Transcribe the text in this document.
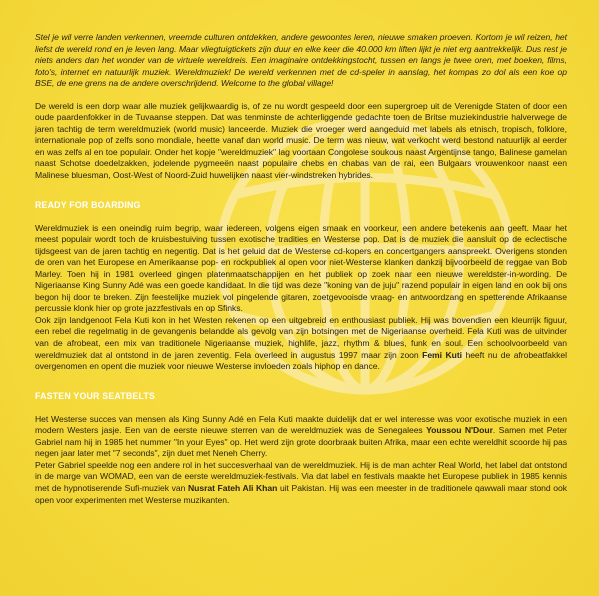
Stel je wil verre landen verkennen, vreemde culturen ontdekken, andere gewoontes leren, nieuwe smaken proeven. Kortom je wil reizen, het liefst de wereld rond en je leven lang. Maar vliegtuigtickets zijn duur en elke keer die 40.000 km liften lijkt je niet erg aantrekkelijk. Dus rest je niets anders dan het wonder van de virtuele wereldreis. Een imaginaire ontdekkingstocht, tussen en langs je twee oren, met boeken, films, foto's, internet en natuurlijk muziek. Wereldmuziek! De wereld verkennen met de cd-speler in aanslag, het kompas zo dol als een koe op BSE, de ene grens na de andere overschrijdend. Welcome to the global village!

De wereld is een dorp waar alle muziek gelijkwaardig is, of ze nu wordt gespeeld door een supergroep uit de Verenigde Staten of door een oude paardenfokker in de Tuvaanse steppen. Dat was tenminste de achterliggende gedachte toen de Britse muziekindustrie halverwege de jaren tachtig de term wereldmuziek (world music) lanceerde. Muziek die vroeger werd aangeduid met labels als etnisch, tropisch, folklore, internationale pop of zelfs sono mondiale, heette vanaf dan world music. De term was nieuw, wat verkocht werd bestond natuurlijk al eerder en was zelfs al en toe populair. Onder het kopje "wereldmuziek" lag voortaan Congolese soukous naast Argentijnse tango, Balinese gamelan naast Schotse doedelzakken, jodelende pygmeeën naast populaire chebs en chabas van de rai, een Bulgaars vrouwenkoor naast een Malinese bluesman, Oost-West of Noord-Zuid huwelijken naast vier-windstreken hybrides.

READY FOR BOARDING

Wereldmuziek is een oneindig ruim begrip, waar iedereen, volgens eigen smaak en voorkeur, een andere betekenis aan geeft. Maar het meest populair wordt toch de kruisbestuiving tussen exotische tradities en Westerse pop. Dat is de muziek die aansluit op de eclectische tijdsgeest van de jaren tachtig en negentig. Dat is het geluid dat de Westerse cd-kopers en concertgangers aanspreekt. Overigens stonden de oren van het Europese en Amerikaanse pop- en rockpubliek al open voor niet-Westerse klanken dankzij bijvoorbeeld de reggae van Bob Marley. Toen hij in 1981 overleed gingen platenmaatschappijen en het publiek op zoek naar een nieuwe wereldster-in-wording. De Nigeriaanse King Sunny Adé was een goede kandidaat. In die tijd was deze "koning van de juju" razend populair in eigen land en ook bij ons begon hij door te breken. Zijn feestelijke muziek vol pingelende gitaren, zoetgevooisde vraag- en antwoordzang en spetterende Afrikaanse percussie klonk hier op grote jazzfestivals en op Sfinks.

Ook zijn landgenoot Fela Kuti kon in het Westen rekenen op een uitgebreid en enthousiast publiek. Hij was bovendien een kleurrijk figuur, een rebel die regelmatig in de gevangenis belandde als gevolg van zijn botsingen met de Nigeriaanse overheid. Fela Kuti was de uitvinder van de afrobeat, een mix van traditionele Nigeriaanse muziek, highlife, jazz, rhythm & blues, funk en soul. Een schoolvoorbeeld van wereldmuziek dat al ontstond in de jaren zeventig. Fela overleed in augustus 1997 maar zijn zoon Femi Kuti heeft nu de afrobeatfakkel overgenomen en opent die muziek voor nieuwe Westerse invloeden zoals hiphop en dance.

FASTEN YOUR SEATBELTS

Het Westerse succes van mensen als King Sunny Adé en Fela Kuti maakte duidelijk dat er wel interesse was voor exotische muziek in een modern Westers jasje. Een van de eerste nieuwe sterren van de wereldmuziek was de Senegalees Youssou N'Dour. Samen met Peter Gabriel nam hij in 1985 het nummer "In your Eyes" op. Het werd zijn grote doorbraak buiten Afrika, maar een echte wereldhit scoorde hij pas negen jaar later met "7 seconds", zijn duet met Neneh Cherry.

Peter Gabriel speelde nog een andere rol in het succesverhaal van de wereldmuziek. Hij is de man achter Real World, het label dat ontstond in de marge van WOMAD, een van de eerste wereldmuziek-festivals. Via dat label en festivals maakte het Europese publiek in 1985 kennis met de hypnotiserende Sufi-muziek van Nusrat Fateh Ali Khan uit Pakistan. Hij was een meester in de traditionele qawwali maar stond ook open voor experimenten met Westerse muzikanten.
